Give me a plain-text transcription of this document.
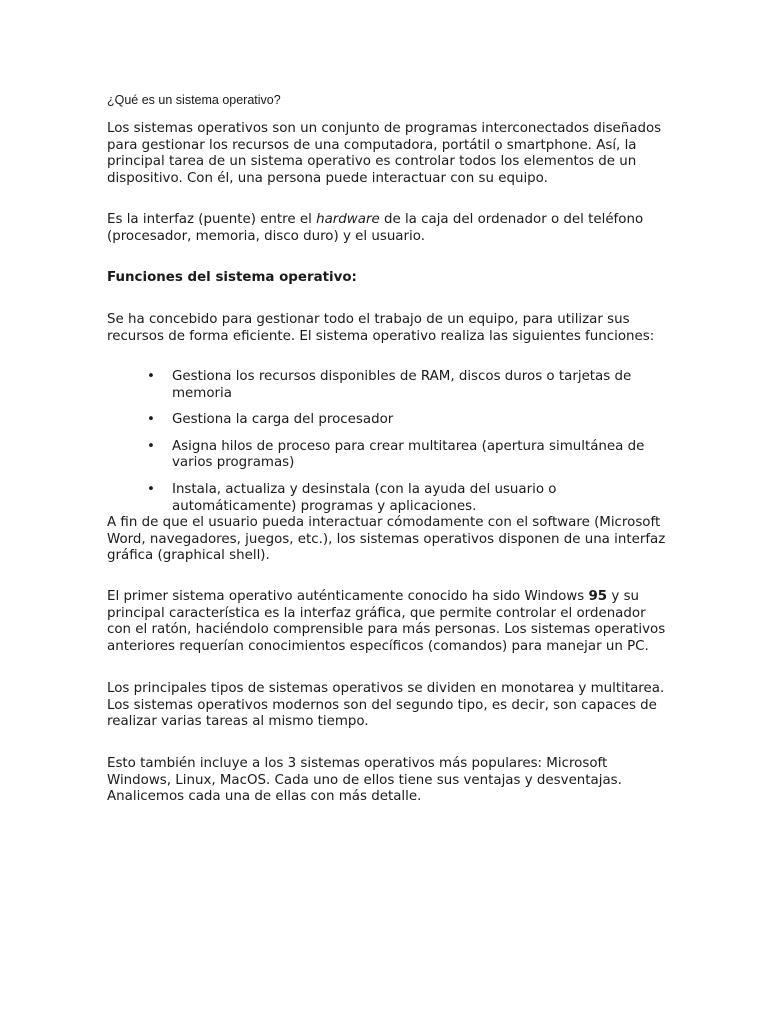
¿Qué es un sistema operativo?

Los sistemas operativos son un conjunto de programas interconectados diseñados para gestionar los recursos de una computadora, portátil o smartphone. Así, la principal tarea de un sistema operativo es controlar todos los elementos de un dispositivo. Con él, una persona puede interactuar con su equipo.

Es la interfaz (puente) entre el hardware de la caja del ordenador o del teléfono (procesador, memoria, disco duro) y el usuario.

Funciones del sistema operativo:

Se ha concebido para gestionar todo el trabajo de un equipo, para utilizar sus recursos de forma eficiente. El sistema operativo realiza las siguientes funciones:

• Gestiona los recursos disponibles de RAM, discos duros o tarjetas de memoria
• Gestiona la carga del procesador
• Asigna hilos de proceso para crear multitarea (apertura simultánea de varios programas)
• Instala, actualiza y desinstala (con la ayuda del usuario o automáticamente) programas y aplicaciones.

A fin de que el usuario pueda interactuar cómodamente con el software (Microsoft Word, navegadores, juegos, etc.), los sistemas operativos disponen de una interfaz gráfica (graphical shell).

El primer sistema operativo auténticamente conocido ha sido Windows 95 y su principal característica es la interfaz gráfica, que permite controlar el ordenador con el ratón, haciéndolo comprensible para más personas. Los sistemas operativos anteriores requerían conocimientos específicos (comandos) para manejar un PC.

Los principales tipos de sistemas operativos se dividen en monotarea y multitarea. Los sistemas operativos modernos son del segundo tipo, es decir, son capaces de realizar varias tareas al mismo tiempo.

Esto también incluye a los 3 sistemas operativos más populares: Microsoft Windows, Linux, MacOS. Cada uno de ellos tiene sus ventajas y desventajas. Analicemos cada una de ellas con más detalle.
